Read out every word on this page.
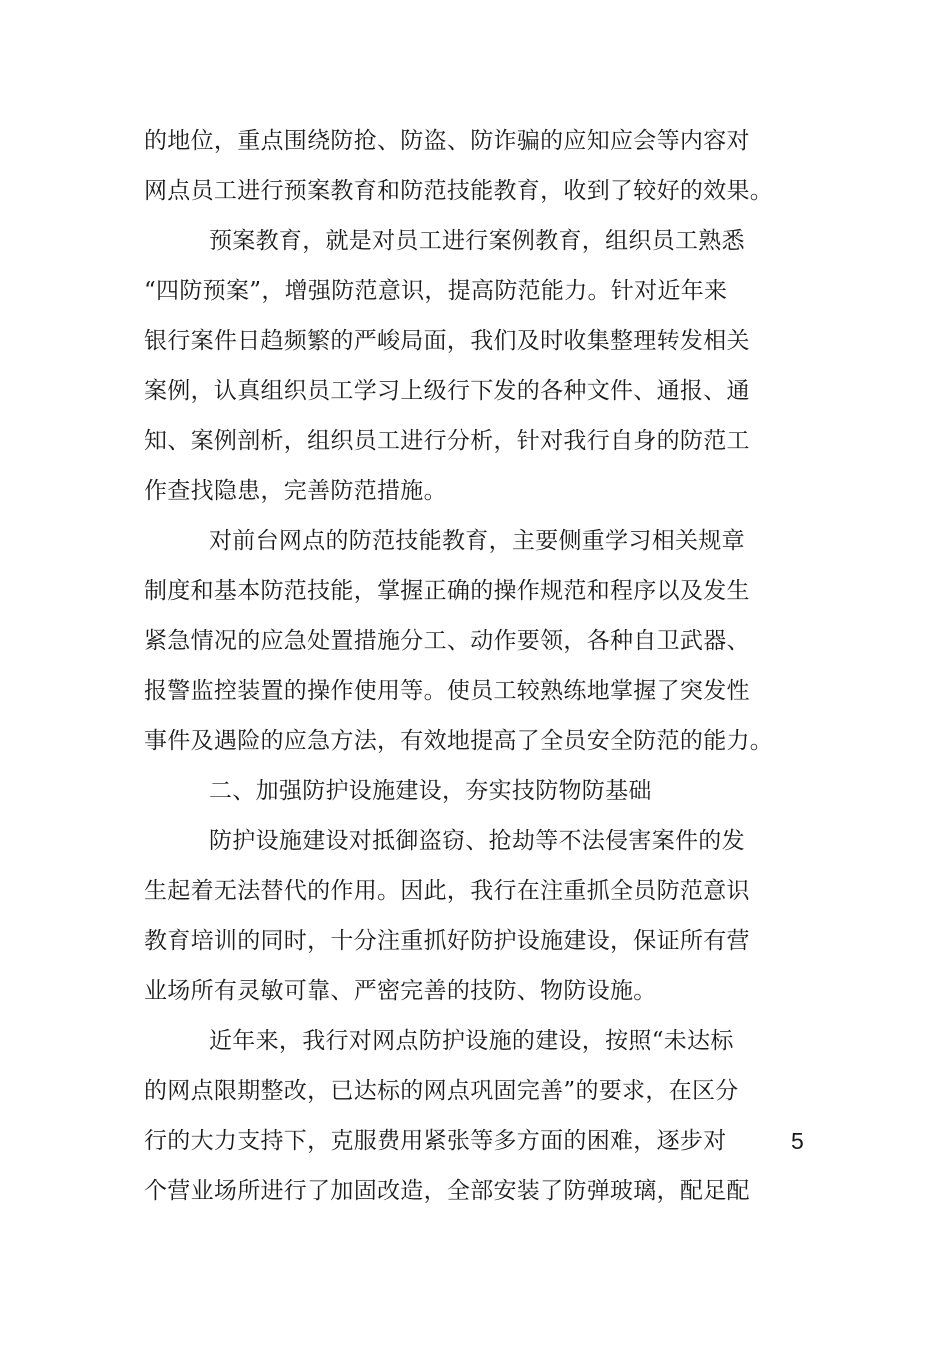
的地位，重点围绕防抢、防盗、防诈骗的应知应会等内容对
网点员工进行预案教育和防范技能教育，收到了较好的效果。
预案教育，就是对员工进行案例教育，组织员工熟悉
“四防预案”，增强防范意识，提高防范能力。针对近年来
银行案件日趋频繁的严峻局面，我们及时收集整理转发相关
案例，认真组织员工学习上级行下发的各种文件、通报、通
知、案例剖析，组织员工进行分析，针对我行自身的防范工
作查找隐患，完善防范措施。
对前台网点的防范技能教育，主要侧重学习相关规章
制度和基本防范技能，掌握正确的操作规范和程序以及发生
紧急情况的应急处置措施分工、动作要领，各种自卫武器、
报警监控装置的操作使用等。使员工较熟练地掌握了突发性
事件及遇险的应急方法，有效地提高了全员安全防范的能力。
二、加强防护设施建设，夯实技防物防基础
防护设施建设对抵御盗窃、抢劫等不法侵害案件的发
生起着无法替代的作用。因此，我行在注重抓全员防范意识
教育培训的同时，十分注重抓好防护设施建设，保证所有营
业场所有灵敏可靠、严密完善的技防、物防设施。
近年来，我行对网点防护设施的建设，按照“未达标
的网点限期整改，已达标的网点巩固完善”的要求，在区分
行的大力支持下，克服费用紧张等多方面的困难，逐步对
个营业场所进行了加固改造，全部安装了防弹玻璃，配足配
5
